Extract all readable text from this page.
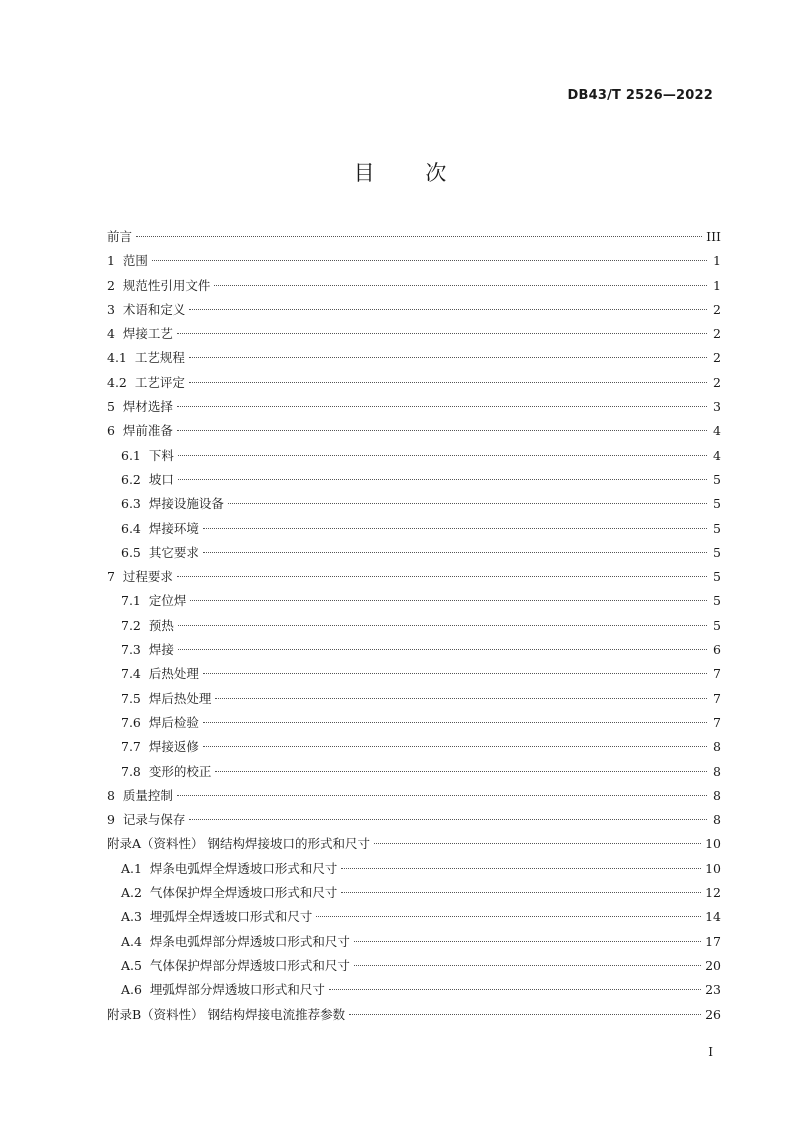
DB43/T 2526—2022
目 次
前言	III
1 范围	1
2 规范性引用文件	1
3 术语和定义	2
4 焊接工艺	2
4.1 工艺规程	2
4.2 工艺评定	2
5 焊材选择	3
6 焊前准备	4
6.1 下料	4
6.2 坡口	5
6.3 焊接设施设备	5
6.4 焊接环境	5
6.5 其它要求	5
7 过程要求	5
7.1 定位焊	5
7.2 预热	5
7.3 焊接	6
7.4 后热处理	7
7.5 焊后热处理	7
7.6 焊后检验	7
7.7 焊接返修	8
7.8 变形的校正	8
8 质量控制	8
9 记录与保存	8
附录A（资料性） 钢结构焊接坡口的形式和尺寸	10
A.1 焊条电弧焊全焊透坡口形式和尺寸	10
A.2 气体保护焊全焊透坡口形式和尺寸	12
A.3 埋弧焊全焊透坡口形式和尺寸	14
A.4 焊条电弧焊部分焊透坡口形式和尺寸	17
A.5 气体保护焊部分焊透坡口形式和尺寸	20
A.6 埋弧焊部分焊透坡口形式和尺寸	23
附录B（资料性） 钢结构焊接电流推荐参数	26
I
